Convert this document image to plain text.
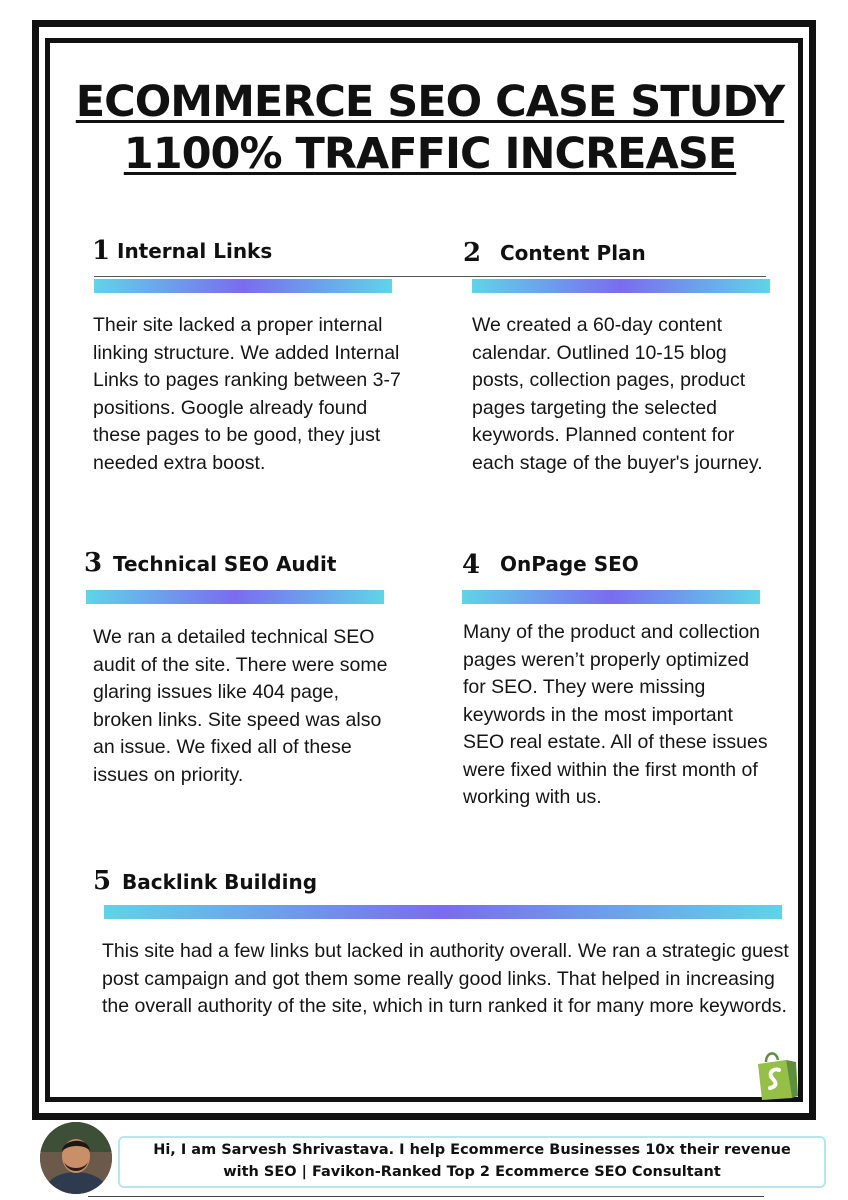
ECOMMERCE SEO CASE STUDY
1100% TRAFFIC INCREASE
1 Internal Links

Their site lacked a proper internal linking structure. We added Internal Links to pages ranking between 3-7 positions. Google already found these pages to be good, they just needed extra boost.

2 Content Plan

We created a 60-day content calendar. Outlined 10-15 blog posts, collection pages, product pages targeting the selected keywords. Planned content for each stage of the buyer's journey.

3 Technical SEO Audit

We ran a detailed technical SEO audit of the site. There were some glaring issues like 404 page, broken links. Site speed was also an issue. We fixed all of these issues on priority.

4 OnPage SEO

Many of the product and collection pages weren’t properly optimized for SEO. They were missing keywords in the most important SEO real estate. All of these issues were fixed within the first month of working with us.

5 Backlink Building

This site had a few links but lacked in authority overall. We ran a strategic guest post campaign and got them some really good links. That helped in increasing the overall authority of the site, which in turn ranked it for many more keywords.

Hi, I am Sarvesh Shrivastava. I help Ecommerce Businesses 10x their revenue
with SEO | Favikon-Ranked Top 2 Ecommerce SEO Consultant
